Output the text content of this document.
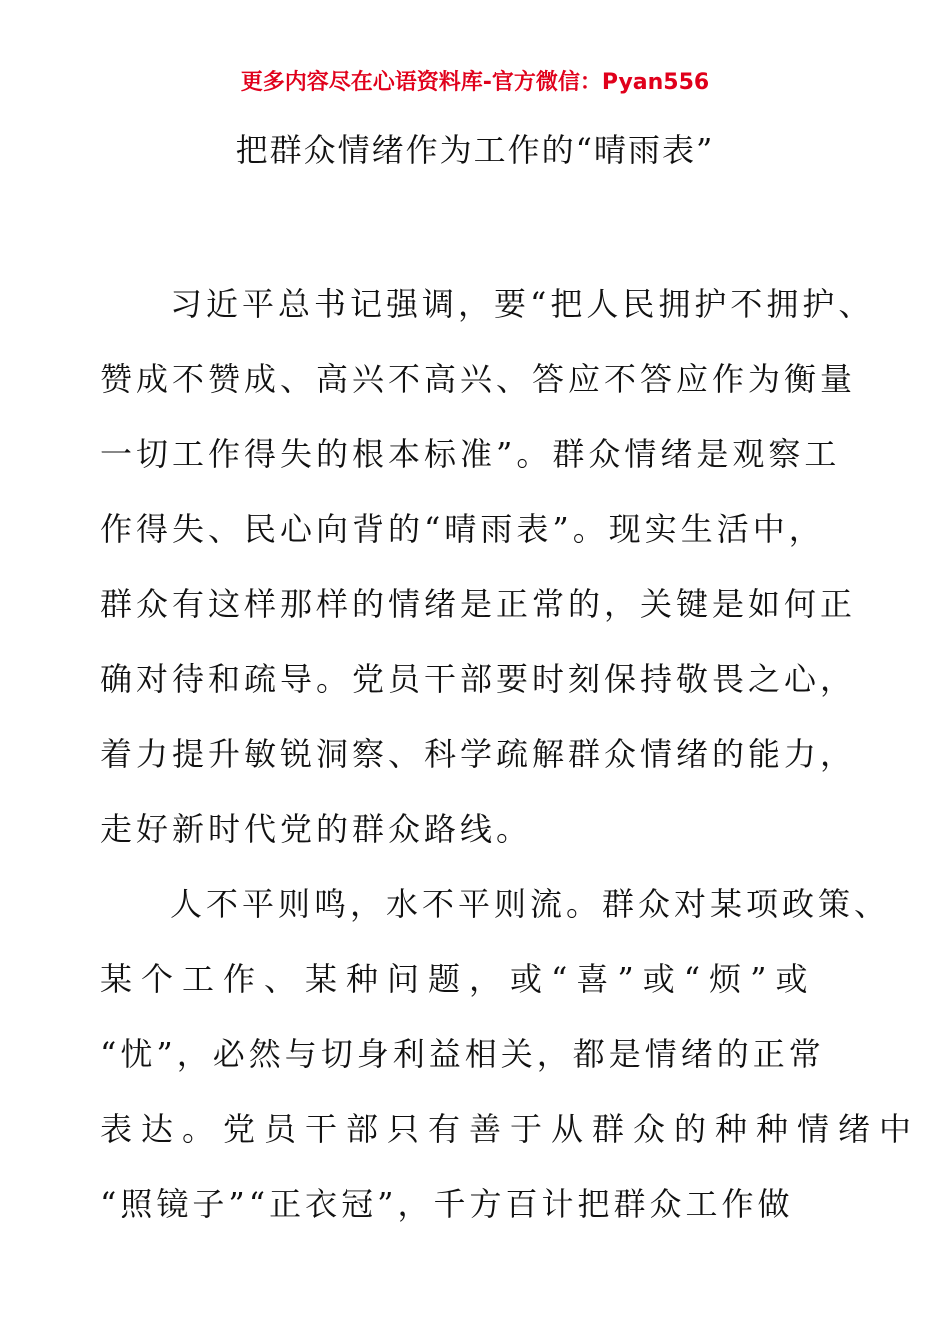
更多内容尽在心语资料库-官方微信：Pyan556
把群众情绪作为工作的“晴雨表”
习近平总书记强调，要“把人民拥护不拥护、
赞成不赞成、高兴不高兴、答应不答应作为衡量
一切工作得失的根本标准”。群众情绪是观察工
作得失、民心向背的“晴雨表”。现实生活中，
群众有这样那样的情绪是正常的，关键是如何正
确对待和疏导。党员干部要时刻保持敬畏之心，
着力提升敏锐洞察、科学疏解群众情绪的能力，
走好新时代党的群众路线。
人不平则鸣，水不平则流。群众对某项政策、
某个工作、某种问题，或“喜”或“烦”或
“忧”，必然与切身利益相关，都是情绪的正常
表达。党员干部只有善于从群众的种种情绪中
“照镜子”“正衣冠”，千方百计把群众工作做
